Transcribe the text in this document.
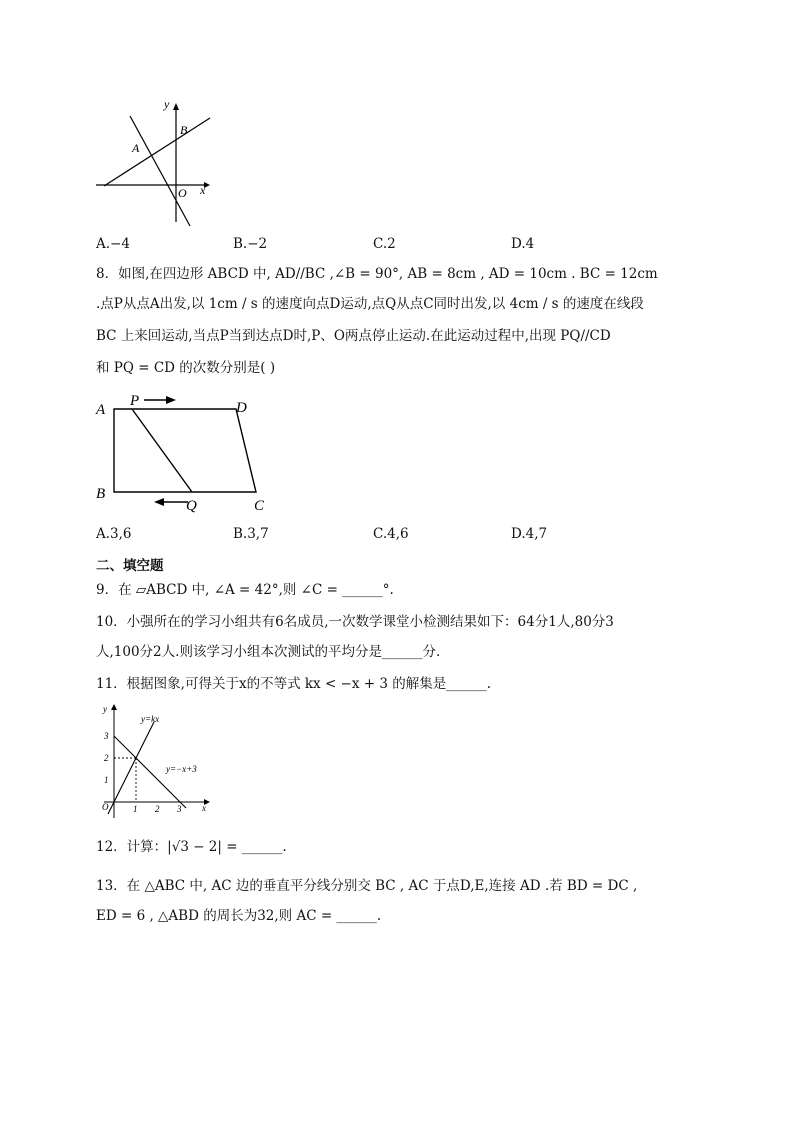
y
B
A
O x
A.−4	B.−2	C.2	D.4
8．如图,在四边形 ABCD 中, AD//BC ,∠B = 90°, AB = 8cm , AD = 10cm . BC = 12cm
.点P从点A出发,以 1cm / s 的速度向点D运动,点Q从点C同时出发,以 4cm / s 的速度在线段
BC 上来回运动,当点P当到达点D时,P、O两点停止运动.在此运动过程中,出现 PQ//CD
和 PQ = CD 的次数分别是( )
A
P	D
B
Q	C
A.3,6	B.3,7	C.4,6	D.4,7
二、填空题
9．在 ▱ABCD 中, ∠A = 42°,则 ∠C = ______°.
10．小强所在的学习小组共有6名成员,一次数学课堂小检测结果如下：64分1人,80分3
人,100分2人.则该学习小组本次测试的平均分是______分.
11．根据图象,可得关于x的不等式 kx < −x + 3 的解集是______.
y
y=kx
y=−x+3
3
2
1
O	1 2 3 x
12．计算：|√3 − 2| = ______.
13．在 △ABC 中, AC 边的垂直平分线分别交 BC , AC 于点D,E,连接 AD .若 BD = DC ,
ED = 6 , △ABD 的周长为32,则 AC = ______.
